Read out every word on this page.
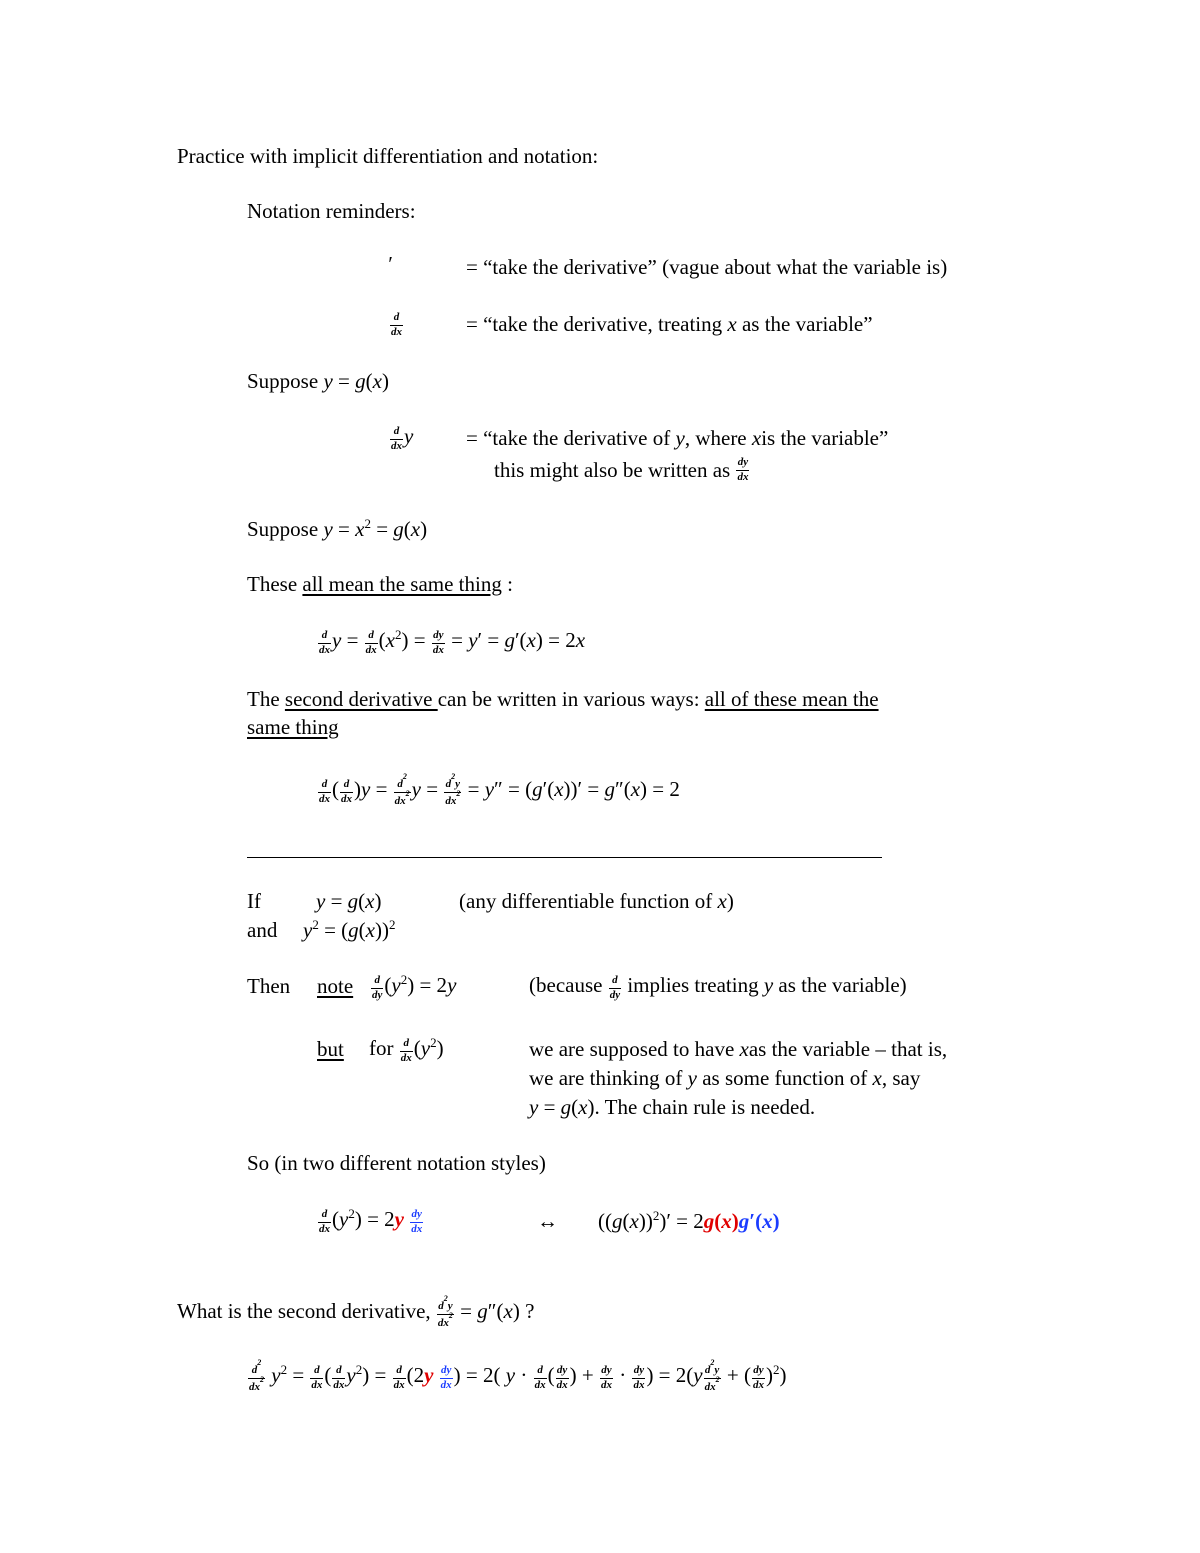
Practice with implicit differentiation and notation:
Notation reminders:
′	= “take the derivative” (vague about what the variable is)
$\frac{d}{dx}$	= “take the derivative, treating x as the variable”
Suppose y = g(x)
$\frac{d}{dx}$ y	= “take the derivative of y, where xis the variable”
this might also be written as $\frac{dy}{dx}$
Suppose $y = x^2 = g(x)$
These all mean the same thing :
$\frac{d}{dx}$ $y = \frac{d}{dx} (x^2) = \frac{dy}{dx} = y' = g'(x) = 2x$
The second derivative can be written in various ways: all of these mean the
same thing
$\frac{d}{dx}$ ( $\frac{d}{dx} )y = \frac{d^2}{dx^2}$ $y = \frac{d^2y}{dx^2} = y'' = (g'(x))' = g''(x) = 2$
If	y = g(x)	(any differentiable function of x)
and $y^2 = (g(x))^2$
Then note $\frac{d}{dy} (y^2) = 2y$	(because $\frac{d}{dy}$ implies treating y as the variable)
but for $\frac{d}{dx} (y^2)$	we are supposed to have xas the variable – that is,
we are thinking of y as some function of x, say
y = g(x). The chain rule is needed.
So (in two different notation styles)
$\frac{d}{dx} (y^2) = 2y \frac{dy}{dx}$	↔ $((g(x))^2)' = 2g(x)g'(x)$
What is the second derivative, $\frac{d^2y}{dx^2} = g''(x)$ ?
$\frac{d^2}{dx^2} y^2 = \frac{d}{dx}$ ( $\frac{d}{dx} y^2) = \frac{d}{dx} (2y \frac{dy}{dx}$ ) = 2( $y \cdot \frac{d}{dx}$ ( $\frac{dy}{dx}$ ) + $\frac{dy}{dx} \cdot \frac{dy}{dx}$ ) = $2(y \frac{d^2y}{dx^2}$ + ( $\frac{dy}{dx} )^2$)
